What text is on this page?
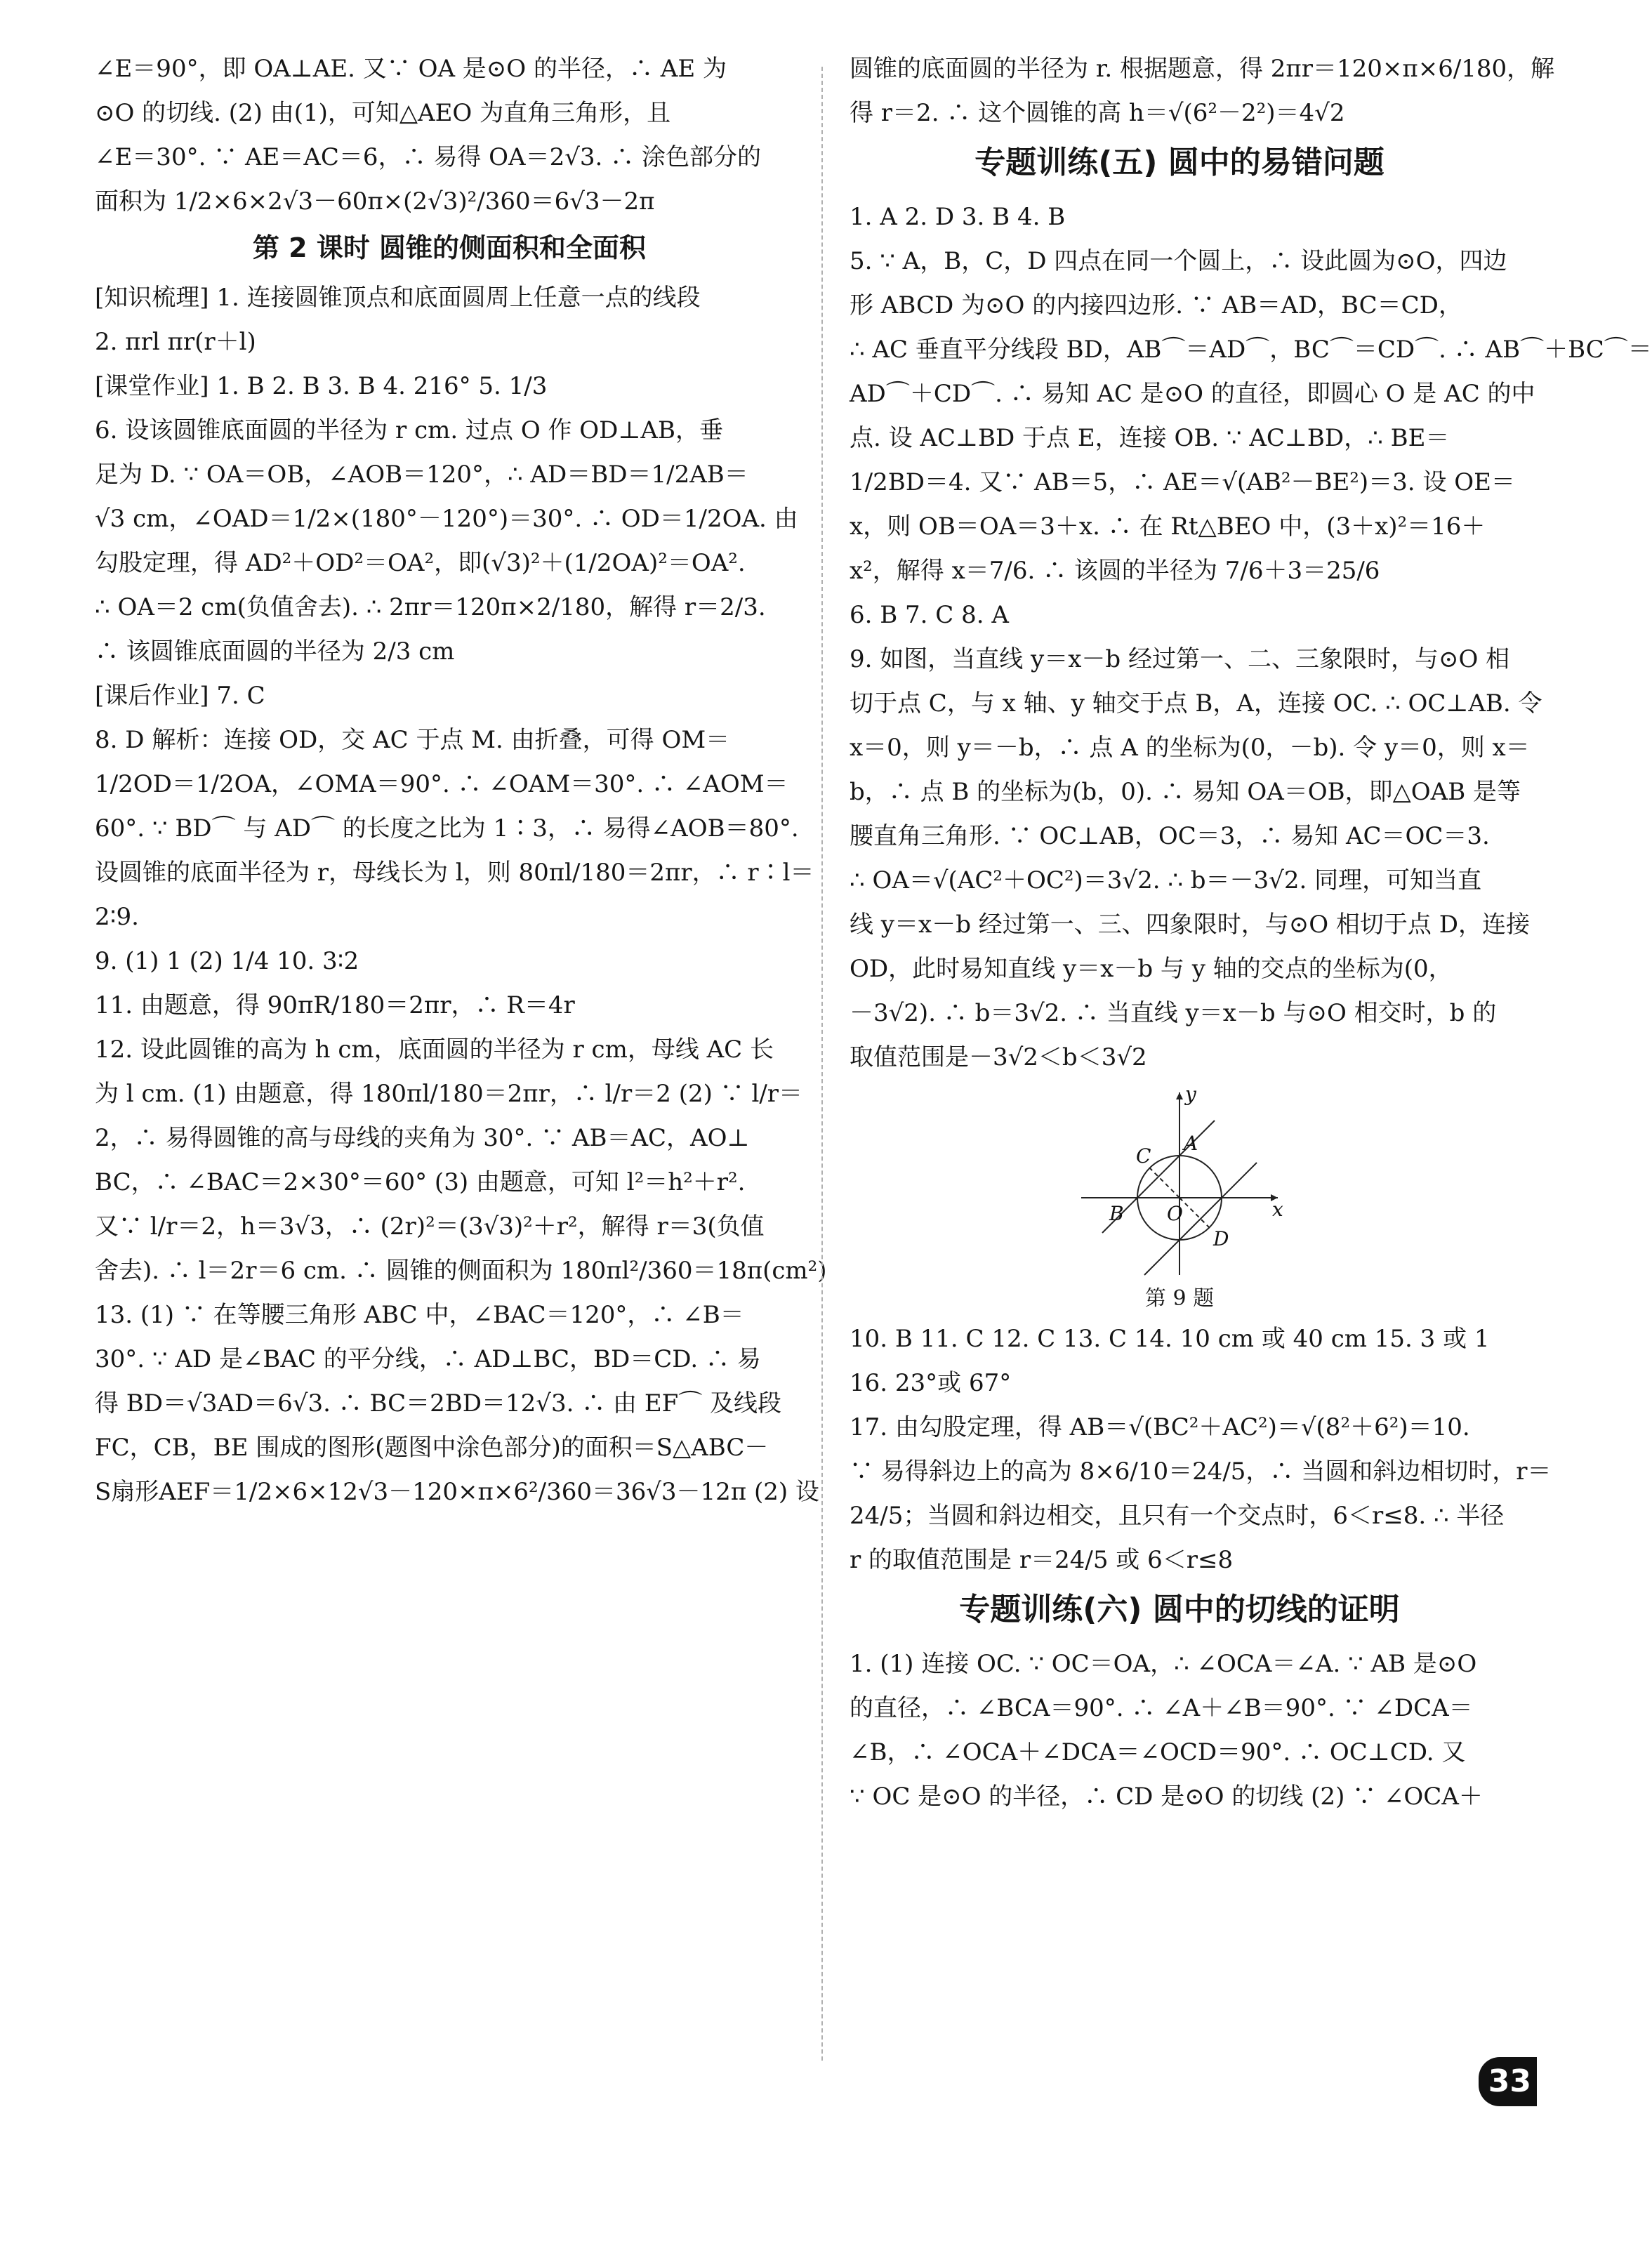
∠E＝90°，即 OA⊥AE. 又∵ OA 是⊙O 的半径，∴ AE 为
⊙O 的切线. (2) 由(1)，可知△AEO 为直角三角形，且
∠E＝30°. ∵ AE＝AC＝6，∴ 易得 OA＝2√3. ∴ 涂色部分的
面积为 1/2×6×2√3－60π×(2√3)²/360＝6√3－2π
第 2 课时 圆锥的侧面积和全面积
[知识梳理] 1. 连接圆锥顶点和底面圆周上任意一点的线段
2. πrl πr(r＋l)
[课堂作业] 1. B 2. B 3. B 4. 216° 5. 1/3
6. 设该圆锥底面圆的半径为 r cm. 过点 O 作 OD⊥AB，垂
足为 D. ∵ OA＝OB，∠AOB＝120°，∴ AD＝BD＝1/2AB＝
√3 cm，∠OAD＝1/2×(180°－120°)＝30°. ∴ OD＝1/2OA. 由
勾股定理，得 AD²＋OD²＝OA²，即(√3)²＋(1/2OA)²＝OA².
∴ OA＝2 cm(负值舍去). ∴ 2πr＝120π×2/180，解得 r＝2/3.
∴ 该圆锥底面圆的半径为 2/3 cm
[课后作业] 7. C
8. D 解析：连接 OD，交 AC 于点 M. 由折叠，可得 OM＝
1/2OD＝1/2OA，∠OMA＝90°. ∴ ∠OAM＝30°. ∴ ∠AOM＝
60°. ∵ BD⌒ 与 AD⌒ 的长度之比为 1∶3，∴ 易得∠AOB＝80°.
设圆锥的底面半径为 r，母线长为 l，则 80πl/180＝2πr，∴ r∶l＝
2∶9.
9. (1) 1 (2) 1/4 10. 3∶2
11. 由题意，得 90πR/180＝2πr，∴ R＝4r
12. 设此圆锥的高为 h cm，底面圆的半径为 r cm，母线 AC 长
为 l cm. (1) 由题意，得 180πl/180＝2πr，∴ l/r＝2 (2) ∵ l/r＝
2，∴ 易得圆锥的高与母线的夹角为 30°. ∵ AB＝AC，AO⊥
BC，∴ ∠BAC＝2×30°＝60° (3) 由题意，可知 l²＝h²＋r².
又∵ l/r＝2，h＝3√3，∴ (2r)²＝(3√3)²＋r²，解得 r＝3(负值
舍去). ∴ l＝2r＝6 cm. ∴ 圆锥的侧面积为 180πl²/360＝18π(cm²)
13. (1) ∵ 在等腰三角形 ABC 中，∠BAC＝120°，∴ ∠B＝
30°. ∵ AD 是∠BAC 的平分线，∴ AD⊥BC，BD＝CD. ∴ 易
得 BD＝√3AD＝6√3. ∴ BC＝2BD＝12√3. ∴ 由 EF⌒ 及线段
FC，CB，BE 围成的图形(题图中涂色部分)的面积＝S△ABC－
S扇形AEF＝1/2×6×12√3－120×π×6²/360＝36√3－12π (2) 设
圆锥的底面圆的半径为 r. 根据题意，得 2πr＝120×π×6/180，解
得 r＝2. ∴ 这个圆锥的高 h＝√(6²－2²)＝4√2
专题训练(五) 圆中的易错问题
1. A 2. D 3. B 4. B
5. ∵ A，B，C，D 四点在同一个圆上，∴ 设此圆为⊙O，四边
形 ABCD 为⊙O 的内接四边形. ∵ AB＝AD，BC＝CD，
∴ AC 垂直平分线段 BD，AB⌒＝AD⌒，BC⌒＝CD⌒. ∴ AB⌒＋BC⌒＝
AD⌒＋CD⌒. ∴ 易知 AC 是⊙O 的直径，即圆心 O 是 AC 的中
点. 设 AC⊥BD 于点 E，连接 OB. ∵ AC⊥BD，∴ BE＝
1/2BD＝4. 又∵ AB＝5，∴ AE＝√(AB²－BE²)＝3. 设 OE＝
x，则 OB＝OA＝3＋x. ∴ 在 Rt△BEO 中，(3＋x)²＝16＋
x²，解得 x＝7/6. ∴ 该圆的半径为 7/6＋3＝25/6
6. B 7. C 8. A
9. 如图，当直线 y＝x－b 经过第一、二、三象限时，与⊙O 相
切于点 C，与 x 轴、y 轴交于点 B，A，连接 OC. ∴ OC⊥AB. 令
x＝0，则 y＝－b，∴ 点 A 的坐标为(0，－b). 令 y＝0，则 x＝
b，∴ 点 B 的坐标为(b，0). ∴ 易知 OA＝OB，即△OAB 是等
腰直角三角形. ∵ OC⊥AB，OC＝3，∴ 易知 AC＝OC＝3.
∴ OA＝√(AC²＋OC²)＝3√2. ∴ b＝－3√2. 同理，可知当直
线 y＝x－b 经过第一、三、四象限时，与⊙O 相切于点 D，连接
OD，此时易知直线 y＝x－b 与 y 轴的交点的坐标为(0，
－3√2). ∴ b＝3√2. ∴ 当直线 y＝x－b 与⊙O 相交时，b 的
取值范围是－3√2＜b＜3√2
y
x
A
C
B O
D
第 9 题
10. B 11. C 12. C 13. C 14. 10 cm 或 40 cm 15. 3 或 1
16. 23°或 67°
17. 由勾股定理，得 AB＝√(BC²＋AC²)＝√(8²＋6²)＝10.
∵ 易得斜边上的高为 8×6/10＝24/5，∴ 当圆和斜边相切时，r＝
24/5；当圆和斜边相交，且只有一个交点时，6＜r≤8. ∴ 半径
r 的取值范围是 r＝24/5 或 6＜r≤8
专题训练(六) 圆中的切线的证明
1. (1) 连接 OC. ∵ OC＝OA，∴ ∠OCA＝∠A. ∵ AB 是⊙O
的直径，∴ ∠BCA＝90°. ∴ ∠A＋∠B＝90°. ∵ ∠DCA＝
∠B，∴ ∠OCA＋∠DCA＝∠OCD＝90°. ∴ OC⊥CD. 又
∵ OC 是⊙O 的半径，∴ CD 是⊙O 的切线 (2) ∵ ∠OCA＋
33
